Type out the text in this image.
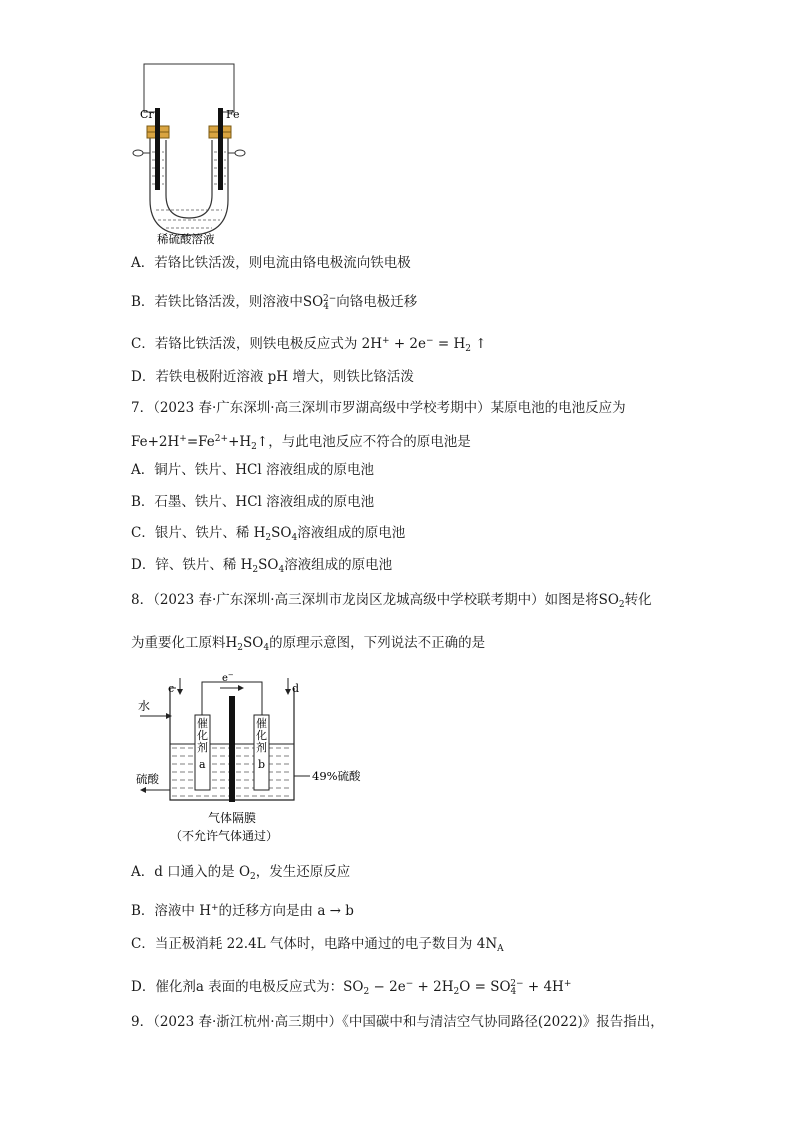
Cr	Fe
稀硫酸溶液
A．若铬比铁活泼，则电流由铬电极流向铁电极
B．若铁比铬活泼，则溶液中$SO_4^{2-}$向铬电极迁移
C．若铬比铁活泼，则铁电极反应式为 $2H^+ + 2e^- = H_2$ ↑
D．若铁电极附近溶液 pH 增大，则铁比铬活泼
7．（2023 春·广东深圳·高三深圳市罗湖高级中学校考期中）某原电池的电池反应为
$Fe+2H^+=Fe^{2+}+H_2↑$，与此电池反应不符合的原电池是
A．铜片、铁片、HCl 溶液组成的原电池
B．石墨、铁片、HCl 溶液组成的原电池
C．银片、铁片、稀 $H_2SO_4$溶液组成的原电池
D．锌、铁片、稀 $H_2SO_4$溶液组成的原电池
8．（2023 春·广东深圳·高三深圳市龙岗区龙城高级中学校联考期中）如图是将$SO_2$转化
为重要化工原料$H_2SO_4$的原理示意图，下列说法不正确的是
c	d
e−
水
催化剂
a
催化剂
b
硫酸	49%硫酸
气体隔膜
（不允许气体通过）
A．d 口通入的是 $O_2$，发生还原反应
B．溶液中 H+的迁移方向是由 a → b
C．当正极消耗 22.4L 气体时，电路中通过的电子数目为 $4N_A$
D．催化剂a 表面的电极反应式为：$SO_2 - 2e^- + 2H_2O = SO_4^{2-} + 4H^+$
9．（2023 春·浙江杭州·高三期中）《中国碳中和与清洁空气协同路径(2022)》报告指出，
